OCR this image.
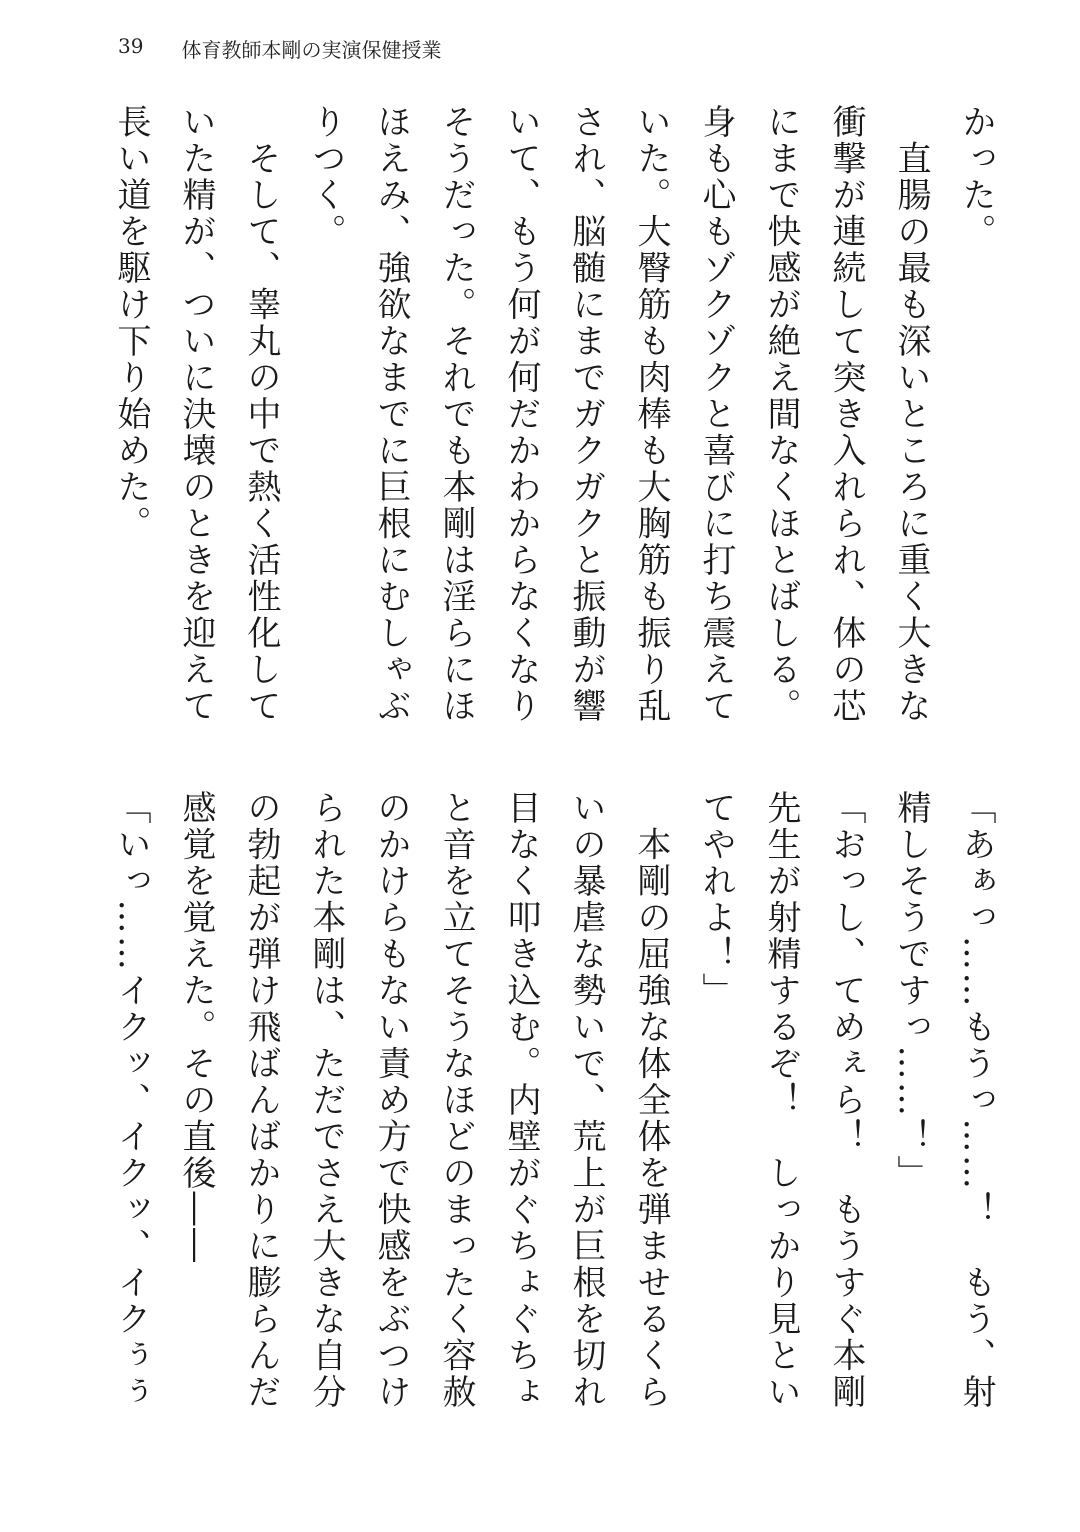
39 体育教師本剛の実演保健授業
かった。
　直腸の最も深いところに重く大きな
衝撃が連続して突き入れられ、体の芯
にまで快感が絶え間なくほとばしる。
身も心もゾクゾクと喜びに打ち震えて
いた。大臀筋も肉棒も大胸筋も振り乱
され、脳髄にまでガクガクと振動が響
いて、もう何が何だかわからなくなり
そうだった。それでも本剛は淫らにほ
ほえみ、強欲なまでに巨根にむしゃぶ
りつく。
　そして、睾丸の中で熱く活性化して
いた精が、ついに決壊のときを迎えて
長い道を駆け下り始めた。
「あぁっ……もうっ……！　もう、射
精しそうですっ……！」
「おっし、てめぇら！　もうすぐ本剛
先生が射精するぞ！　しっかり見とい
てやれよ！」
　本剛の屈強な体全体を弾ませるくら
いの暴虐な勢いで、荒上が巨根を切れ
目なく叩き込む。内壁がぐちょぐちょ
と音を立てそうなほどのまったく容赦
のかけらもない責め方で快感をぶつけ
られた本剛は、ただでさえ大きな自分
の勃起が弾け飛ばんばかりに膨らんだ
感覚を覚えた。その直後――
「いっ……イクッ、イクッ、イクぅぅ
